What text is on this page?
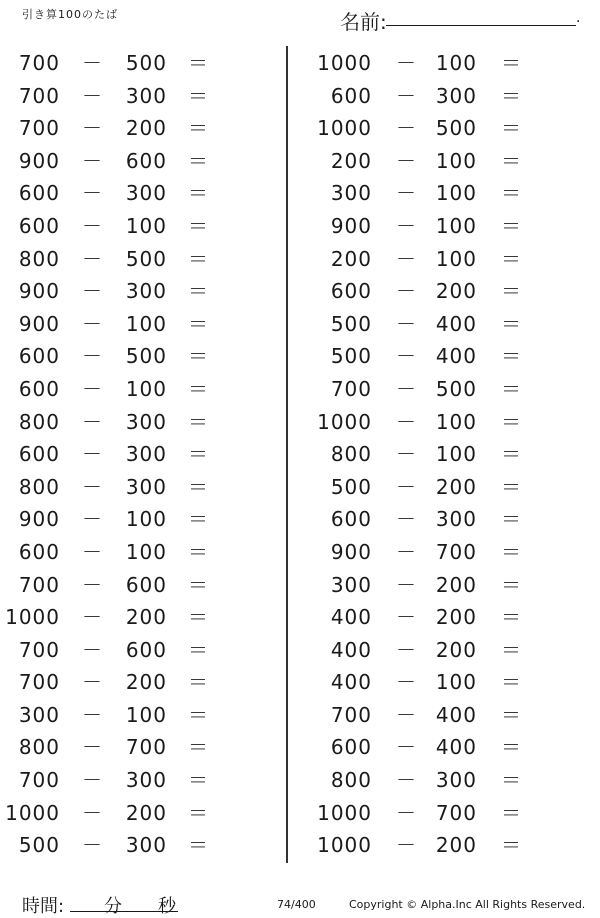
引き算100のたば	名前:	.
700 － 500 ＝
700 － 300 ＝
700 － 200 ＝
900 － 600 ＝
600 － 300 ＝
600 － 100 ＝
800 － 500 ＝
900 － 300 ＝
900 － 100 ＝
600 － 500 ＝
600 － 100 ＝
800 － 300 ＝
600 － 300 ＝
800 － 300 ＝
900 － 100 ＝
600 － 100 ＝
700 － 600 ＝
1000 － 200 ＝
700 － 600 ＝
700 － 200 ＝
300 － 100 ＝
800 － 700 ＝
700 － 300 ＝
1000 － 200 ＝
500 － 300 ＝
1000 － 100 ＝
600 － 300 ＝
1000 － 500 ＝
200 － 100 ＝
300 － 100 ＝
900 － 100 ＝
200 － 100 ＝
600 － 200 ＝
500 － 400 ＝
500 － 400 ＝
700 － 500 ＝
1000 － 100 ＝
800 － 100 ＝
500 － 200 ＝
600 － 300 ＝
900 － 700 ＝
300 － 200 ＝
400 － 200 ＝
400 － 200 ＝
400 － 100 ＝
700 － 400 ＝
600 － 400 ＝
800 － 300 ＝
1000 － 700 ＝
1000 － 200 ＝
時間: 分 秒	74/400	Copyright © Alpha.Inc All Rights Reserved.
